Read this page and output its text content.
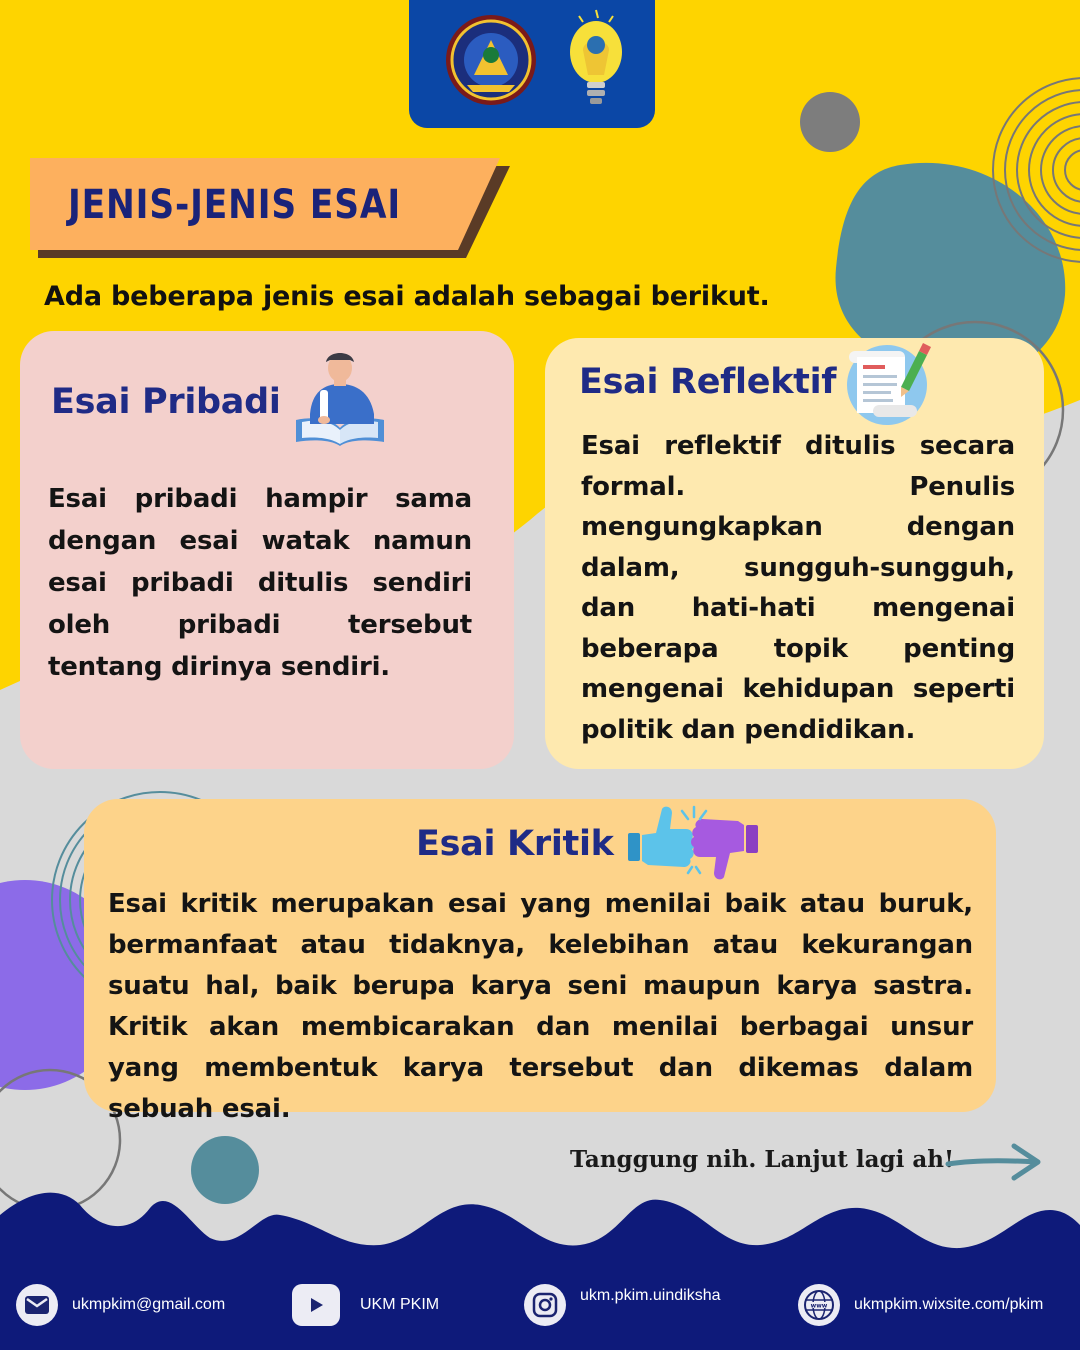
JENIS-JENIS ESAI
Ada beberapa jenis esai adalah sebagai berikut.
Esai Pribadi
Esai pribadi hampir sama dengan esai watak namun esai pribadi ditulis sendiri oleh pribadi tersebut tentang dirinya sendiri.
Esai Reflektif
Esai reflektif ditulis secara formal. Penulis mengungkapkan dengan dalam, sungguh-sungguh, dan hati-hati mengenai beberapa topik penting mengenai kehidupan seperti politik dan pendidikan.
Esai Kritik
Esai kritik merupakan esai yang menilai baik atau buruk, bermanfaat atau tidaknya, kelebihan atau kekurangan suatu hal, baik berupa karya seni maupun karya sastra. Kritik akan membicarakan dan menilai berbagai unsur yang membentuk karya tersebut dan dikemas dalam sebuah esai.
Tanggung nih. Lanjut lagi ah!
ukmpkim@gmail.com	UKM PKIM
ukm.pkim.uindiksha
www ukmpkim.wixsite.com/pkim
